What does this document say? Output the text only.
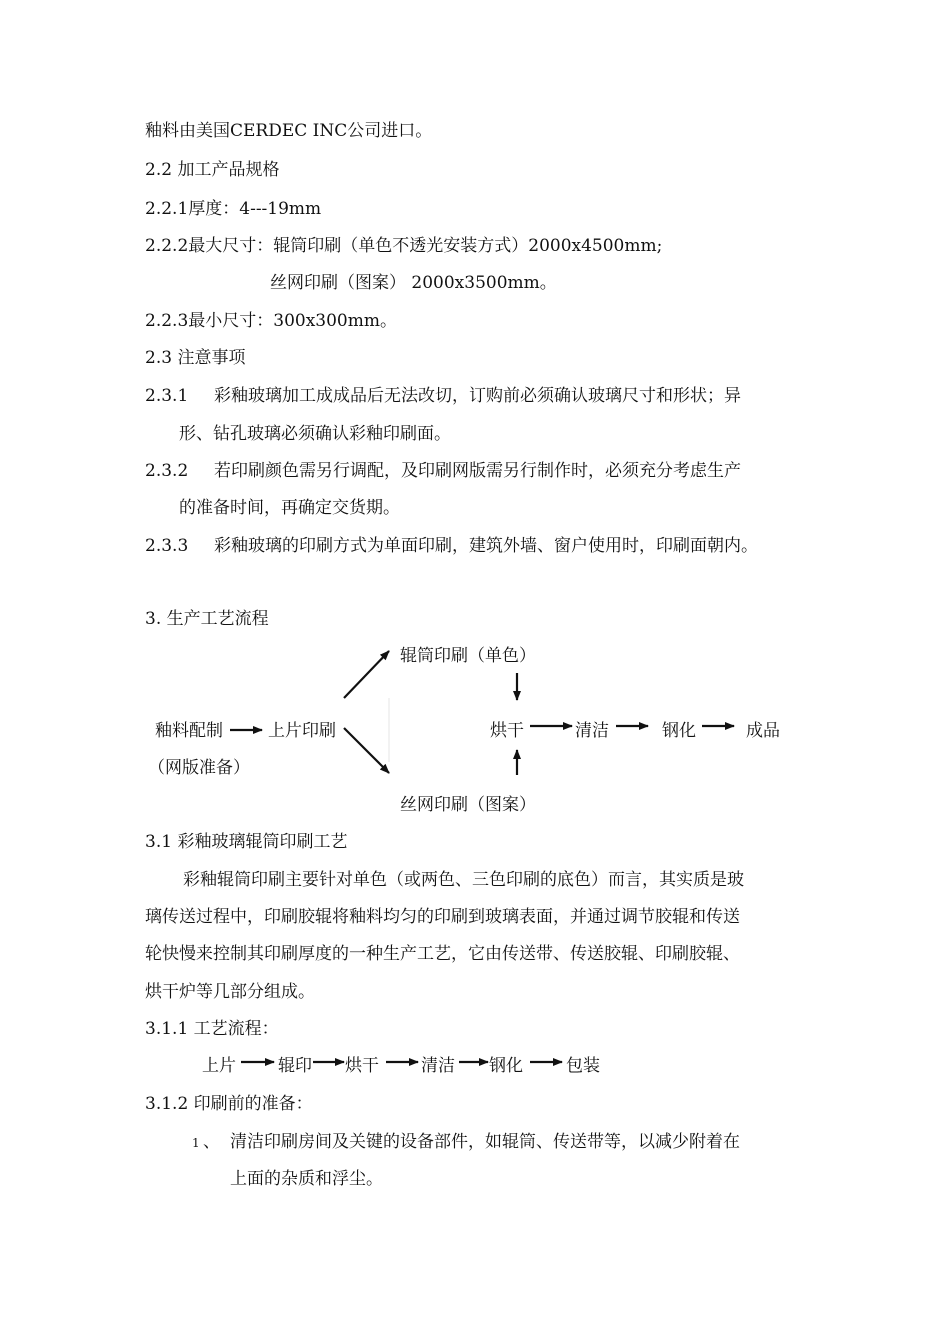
釉料由美国CERDEC INC公司进口。
2.2 加工产品规格
2.2.1厚度：4---19mm
2.2.2最大尺寸：辊筒印刷（单色不透光安装方式）2000x4500mm;
丝网印刷（图案） 2000x3500mm。
2.2.3最小尺寸：300x300mm。
2.3 注意事项
2.3.1 彩釉玻璃加工成成品后无法改切，订购前必须确认玻璃尺寸和形状；异
形、钻孔玻璃必须确认彩釉印刷面。
2.3.2 若印刷颜色需另行调配，及印刷网版需另行制作时，必须充分考虑生产
的准备时间，再确定交货期。
2.3.3 彩釉玻璃的印刷方式为单面印刷，建筑外墙、窗户使用时，印刷面朝内。
3. 生产工艺流程
辊筒印刷（单色）
釉料配制
（网版准备）
上片印刷	烘干	清洁	钢化	成品
丝网印刷（图案）
3.1 彩釉玻璃辊筒印刷工艺
彩釉辊筒印刷主要针对单色（或两色、三色印刷的底色）而言，其实质是玻
璃传送过程中，印刷胶辊将釉料均匀的印刷到玻璃表面，并通过调节胶辊和传送
轮快慢来控制其印刷厚度的一种生产工艺，它由传送带、传送胶辊、印刷胶辊、
烘干炉等几部分组成。
3.1.1 工艺流程：
上片 辊印 烘干 清洁 钢化	包装
3.1.2 印刷前的准备：
1 、 清洁印刷房间及关键的设备部件，如辊筒、传送带等，以减少附着在
上面的杂质和浮尘。
